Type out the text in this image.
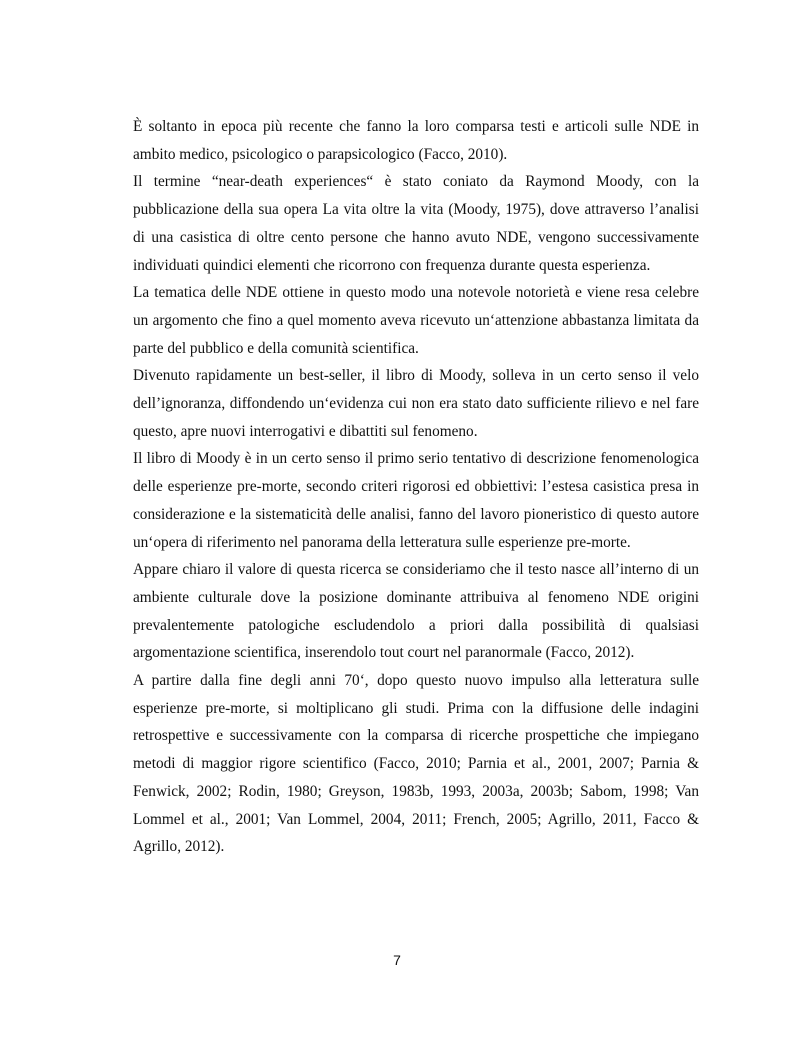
È soltanto in epoca più recente che fanno la loro comparsa testi e articoli sulle NDE in ambito medico, psicologico o parapsicologico (Facco, 2010).

Il termine “near-death experiences“ è stato coniato da Raymond Moody, con la pubblicazione della sua opera La vita oltre la vita (Moody, 1975), dove attraverso l’analisi di una casistica di oltre cento persone che hanno avuto NDE, vengono successivamente individuati quindici elementi che ricorrono con frequenza durante questa esperienza.

La tematica delle NDE ottiene in questo modo una notevole notorietà e viene resa celebre un argomento che fino a quel momento aveva ricevuto un‘attenzione abbastanza limitata da parte del pubblico e della comunità scientifica.

Divenuto rapidamente un best-seller, il libro di Moody, solleva in un certo senso il velo dell’ignoranza, diffondendo un‘evidenza cui non era stato dato sufficiente rilievo e nel fare questo, apre nuovi interrogativi e dibattiti sul fenomeno.

Il libro di Moody è in un certo senso il primo serio tentativo di descrizione fenomenologica delle esperienze pre-morte, secondo criteri rigorosi ed obbiettivi: l’estesa casistica presa in considerazione e la sistematicità delle analisi, fanno del lavoro pioneristico di questo autore un‘opera di riferimento nel panorama della letteratura sulle esperienze pre-morte.

Appare chiaro il valore di questa ricerca se consideriamo che il testo nasce all’interno di un ambiente culturale dove la posizione dominante attribuiva al fenomeno NDE origini prevalentemente patologiche escludendolo a priori dalla possibilità di qualsiasi argomentazione scientifica, inserendolo tout court nel paranormale (Facco, 2012).

A partire dalla fine degli anni 70‘, dopo questo nuovo impulso alla letteratura sulle esperienze pre-morte, si moltiplicano gli studi. Prima con la diffusione delle indagini retrospettive e successivamente con la comparsa di ricerche prospettiche che impiegano metodi di maggior rigore scientifico (Facco, 2010; Parnia et al., 2001, 2007; Parnia & Fenwick, 2002; Rodin, 1980; Greyson, 1983b, 1993, 2003a, 2003b; Sabom, 1998; Van Lommel et al., 2001; Van Lommel, 2004, 2011; French, 2005; Agrillo, 2011, Facco & Agrillo, 2012).

7
